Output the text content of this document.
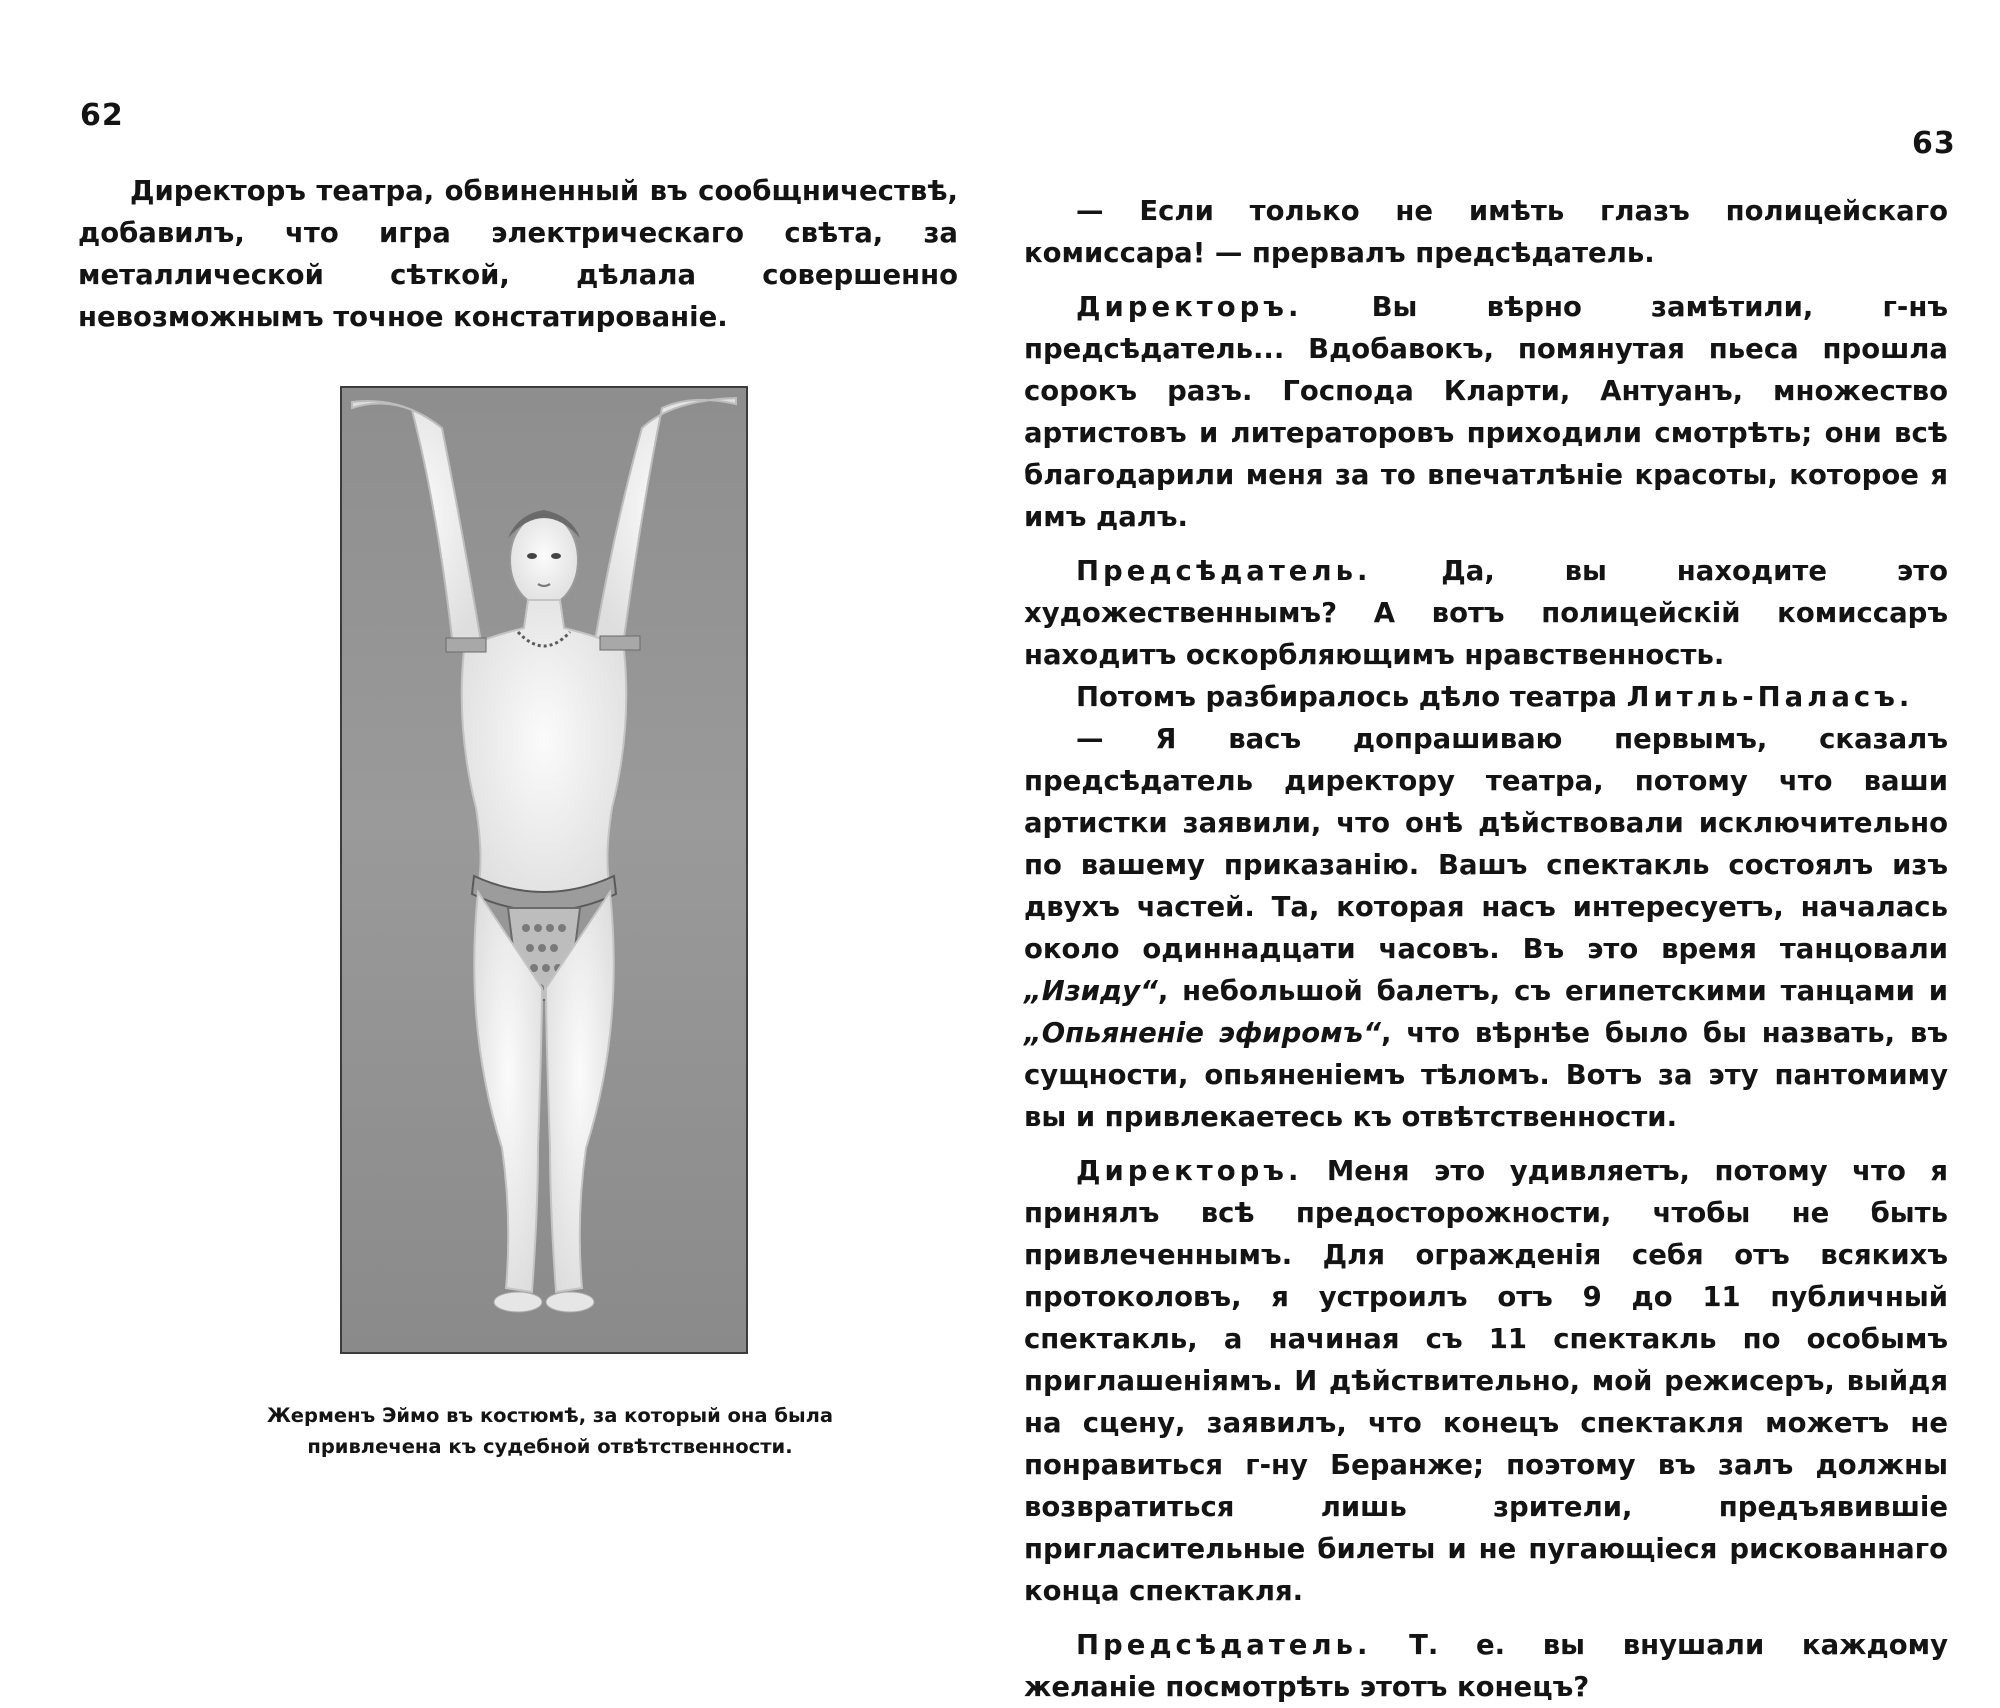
62

Директоръ театра, обвиненный въ сообщничествѣ, добавилъ, что игра электрическаго свѣта, за металлической сѣткой, дѣлала совершенно невозможнымъ точное констатированіе.

Жерменъ Эймо въ костюмѣ, за который она была
привлечена къ судебной отвѣтственности.
63

— Если только не имѣть глазъ полицейскаго комиссара! — прервалъ предсѣдатель.

Директоръ. Вы вѣрно замѣтили, г-нъ предсѣдатель... Вдобавокъ, помянутая пьеса прошла сорокъ разъ. Господа Кларти, Антуанъ, множество артистовъ и литераторовъ приходили смотрѣть; они всѣ благодарили меня за то впечатлѣніе красоты, которое я имъ далъ.

Предсѣдатель. Да, вы находите это художественнымъ? А вотъ полицейскій комиссаръ находитъ оскорбляющимъ нравственность.

Потомъ разбиралось дѣло театра Литль-Паласъ.

— Я васъ допрашиваю первымъ, сказалъ предсѣдатель директору театра, потому что ваши артистки заявили, что онѣ дѣйствовали исключительно по вашему приказанію. Вашъ спектакль состоялъ изъ двухъ частей. Та, которая насъ интересуетъ, началась около одиннадцати часовъ. Въ это время танцовали „Изиду“, небольшой балетъ, съ египетскими танцами и „Опьяненіе эфиромъ“, что вѣрнѣе было бы назвать, въ сущности, опьяненіемъ тѣломъ. Вотъ за эту пантомиму вы и привлекаетесь къ отвѣтственности.

Директоръ. Меня это удивляетъ, потому что я принялъ всѣ предосторожности, чтобы не быть привлеченнымъ. Для огражденія себя отъ всякихъ протоколовъ, я устроилъ отъ 9 до 11 публичный спектакль, а начиная съ 11 спектакль по особымъ приглашеніямъ. И дѣйствительно, мой режисеръ, выйдя на сцену, заявилъ, что конецъ спектакля можетъ не понравиться г-ну Беранже; поэтому въ залъ должны возвратиться лишь зрители, предъявившіе пригласительные билеты и не пугающіеся рискованнаго конца спектакля.

Предсѣдатель. Т. е. вы внушали каждому желаніе посмотрѣть этотъ конецъ?
